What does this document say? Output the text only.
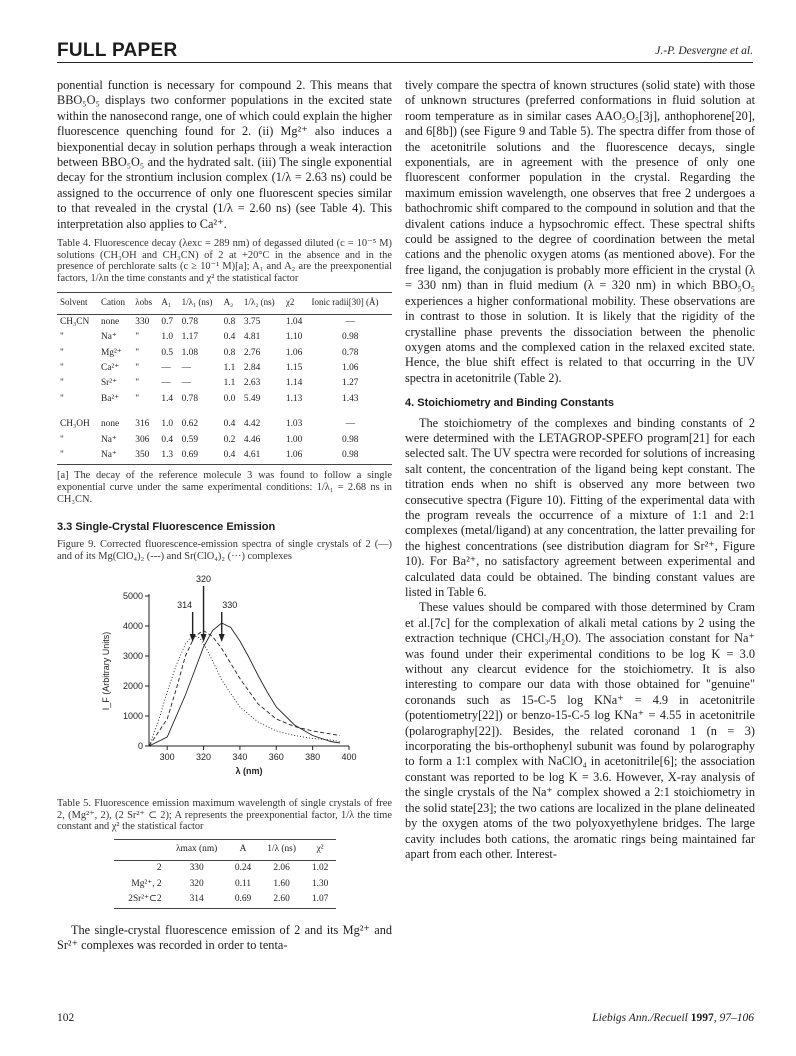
FULL PAPER	J.-P. Desvergne et al.

ponential function is necessary for compound 2. This means that BBO₅O₅ displays two conformer populations in the excited state within the nanosecond range, one of which could explain the higher fluorescence quenching found for 2. (ii) Mg²⁺ also induces a biexponential decay in solution perhaps through a weak interaction between BBO₅O₅ and the hydrated salt. (iii) The single exponential decay for the strontium inclusion complex (1/λ = 2.63 ns) could be assigned to the occurrence of only one fluorescent species similar to that revealed in the crystal (1/λ = 2.60 ns) (see Table 4). This interpretation also applies to Ca²⁺.

Table 4. Fluorescence decay (λexc = 289 nm) of degassed diluted (c = 10⁻⁵ M) solutions (CH₃OH and CH₃CN) of 2 at +20°C in the absence and in the presence of perchlorate salts (c ≥ 10⁻¹ M)[a]; A₁ and A₂ are the preexponential factors, 1/λn the time constants and χ² the statistical factor
Solvent	Cation	λobs	A₁	1/λ₁ (ns)	A₂	1/λ₂ (ns)	χ2	Ionic radii[30] (Å)
CH₃CN	none	330	0.7	0.78	0.8	3.75	1.04	—
"	Na⁺	"	1.0	1.17	0.4	4.81	1.10	0.98
"	Mg²⁺	"	0.5	1.08	0.8	2.76	1.06	0.78
"	Ca²⁺	"	—	—	1.1	2.84	1.15	1.06
"	Sr²⁺	"	—	—	1.1	2.63	1.14	1.27
"	Ba²⁺	"	1.4	0.78	0.0	5.49	1.13	1.43
CH₃OH	none	316	1.0	0.62	0.4	4.42	1.03	—
"	Na⁺	306	0.4	0.59	0.2	4.46	1.00	0.98
"	Na⁺	350	1.3	0.69	0.4	4.61	1.06	0.98
[a] The decay of the reference molecule 3 was found to follow a single exponential curve under the same experimental conditions: 1/λ₁ = 2.68 ns in CH₃CN.

3.3 Single-Crystal Fluorescence Emission

Figure 9. Corrected fluorescence-emission spectra of single crystals of 2 (—) and of its Mg(ClO₄)₂ (---) and Sr(ClO₄)₂ (···) complexes
300 320 340 360 380 400
0
1000
2000
3000
4000
5000
λ (nm)
I_F (Arbitrary Units)
314
320
330
Table 5. Fluorescence emission maximum wavelength of single crystals of free 2, (Mg²⁺, 2), (2 Sr²⁺ ⊂ 2); A represents the preexponential factor, 1/λ the time constant and χ² the statistical factor
	λmax (nm)	A	1/λ (ns)	χ²
2	330	0.24	2.06	1.02
Mg²⁺, 2	320	0.11	1.60	1.30
2Sr²⁺⊂2	314	0.69	2.60	1.07

The single-crystal fluorescence emission of 2 and its Mg²⁺ and Sr²⁺ complexes was recorded in order to tenta-

tively compare the spectra of known structures (solid state) with those of unknown structures (preferred conformations in fluid solution at room temperature as in similar cases AAO₅O₅[3j], anthophorene[20], and 6[8b]) (see Figure 9 and Table 5). The spectra differ from those of the acetonitrile solutions and the fluorescence decays, single exponentials, are in agreement with the presence of only one fluorescent conformer population in the crystal. Regarding the maximum emission wavelength, one observes that free 2 undergoes a bathochromic shift compared to the compound in solution and that the divalent cations induce a hypsochromic effect. These spectral shifts could be assigned to the degree of coordination between the metal cations and the phenolic oxygen atoms (as mentioned above). For the free ligand, the conjugation is probably more efficient in the crystal (λ = 330 nm) than in fluid medium (λ = 320 nm) in which BBO₅O₅ experiences a higher conformational mobility. These observations are in contrast to those in solution. It is likely that the rigidity of the crystalline phase prevents the dissociation between the phenolic oxygen atoms and the complexed cation in the relaxed excited state. Hence, the blue shift effect is related to that occurring in the UV spectra in acetonitrile (Table 2).

4. Stoichiometry and Binding Constants

The stoichiometry of the complexes and binding constants of 2 were determined with the LETAGROP-SPEFO program[21] for each selected salt. The UV spectra were recorded for solutions of increasing salt content, the concentration of the ligand being kept constant. The titration ends when no shift is observed any more between two consecutive spectra (Figure 10). Fitting of the experimental data with the program reveals the occurrence of a mixture of 1:1 and 2:1 complexes (metal/ligand) at any concentration, the latter prevailing for the highest concentrations (see distribution diagram for Sr²⁺, Figure 10). For Ba²⁺, no satisfactory agreement between experimental and calculated data could be obtained. The binding constant values are listed in Table 6.

These values should be compared with those determined by Cram et al.[7c] for the complexation of alkali metal cations by 2 using the extraction technique (CHCl₃/H₂O). The association constant for Na⁺ was found under their experimental conditions to be log K = 3.0 without any clearcut evidence for the stoichiometry. It is also interesting to compare our data with those obtained for "genuine" coronands such as 15-C-5 log KNa⁺ = 4.9 in acetonitrile (potentiometry[22]) or benzo-15-C-5 log KNa⁺ = 4.55 in acetonitrile (polarography[22]). Besides, the related coronand 1 (n = 3) incorporating the bis-orthophenyl subunit was found by polarography to form a 1:1 complex with NaClO₄ in acetonitrile[6]; the association constant was reported to be log K = 3.6. However, X-ray analysis of the single crystals of the Na⁺ complex showed a 2:1 stoichiometry in the solid state[23]; the two cations are localized in the plane delineated by the oxygen atoms of the two polyoxyethylene bridges. The large cavity includes both cations, the aromatic rings being maintained far apart from each other. Interest-

102	Liebigs Ann./Recueil 1997, 97–106
